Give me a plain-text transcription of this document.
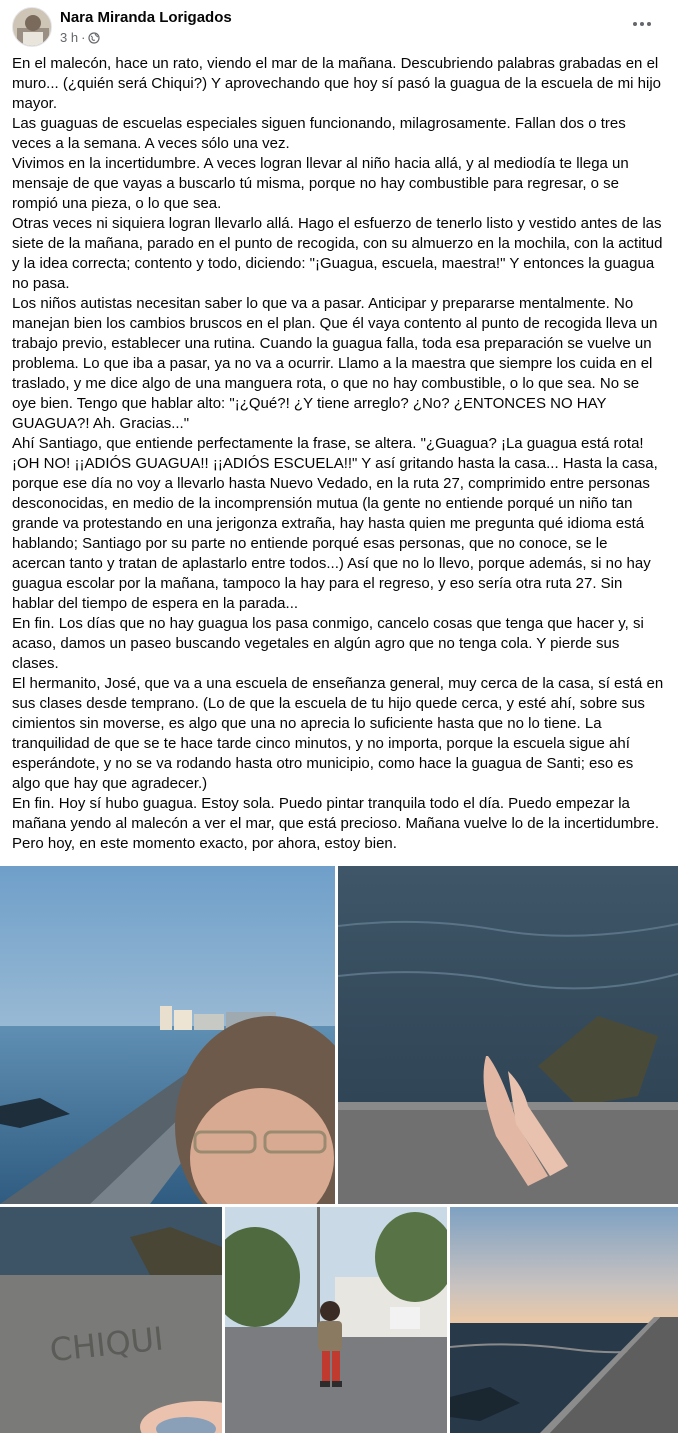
Nara Miranda Lorigados
3 h ·

En el malecón, hace un rato, viendo el mar de la mañana. Descubriendo palabras grabadas en el muro... (¿quién será Chiqui?) Y aprovechando que hoy sí pasó la guagua de la escuela de mi hijo mayor.

Las guaguas de escuelas especiales siguen funcionando, milagrosamente. Fallan dos o tres veces a la semana. A veces sólo una vez.

Vivimos en la incertidumbre. A veces logran llevar al niño hacia allá, y al mediodía te llega un mensaje de que vayas a buscarlo tú misma, porque no hay combustible para regresar, o se rompió una pieza, o lo que sea.

Otras veces ni siquiera logran llevarlo allá. Hago el esfuerzo de tenerlo listo y vestido antes de las siete de la mañana, parado en el punto de recogida, con su almuerzo en la mochila, con la actitud y la idea correcta; contento y todo, diciendo: "¡Guagua, escuela, maestra!" Y entonces la guagua no pasa.

Los niños autistas necesitan saber lo que va a pasar. Anticipar y prepararse mentalmente. No manejan bien los cambios bruscos en el plan. Que él vaya contento al punto de recogida lleva un trabajo previo, establecer una rutina. Cuando la guagua falla, toda esa preparación se vuelve un problema. Lo que iba a pasar, ya no va a ocurrir. Llamo a la maestra que siempre los cuida en el traslado, y me dice algo de una manguera rota, o que no hay combustible, o lo que sea. No se oye bien. Tengo que hablar alto: "¡¿Qué?! ¿Y tiene arreglo? ¿No? ¿ENTONCES NO HAY GUAGUA?! Ah. Gracias..."

Ahí Santiago, que entiende perfectamente la frase, se altera. "¿Guagua? ¡La guagua está rota! ¡OH NO! ¡¡ADIÓS GUAGUA!! ¡¡ADIÓS ESCUELA!!" Y así gritando hasta la casa... Hasta la casa, porque ese día no voy a llevarlo hasta Nuevo Vedado, en la ruta 27, comprimido entre personas desconocidas, en medio de la incomprensión mutua (la gente no entiende porqué un niño tan grande va protestando en una jerigonza extraña, hay hasta quien me pregunta qué idioma está hablando; Santiago por su parte no entiende porqué esas personas, que no conoce, se le acercan tanto y tratan de aplastarlo entre todos...) Así que no lo llevo, porque además, si no hay guagua escolar por la mañana, tampoco la hay para el regreso, y eso sería otra ruta 27. Sin hablar del tiempo de espera en la parada...

En fin. Los días que no hay guagua los pasa conmigo, cancelo cosas que tenga que hacer y, si acaso, damos un paseo buscando vegetales en algún agro que no tenga cola. Y pierde sus clases.

El hermanito, José, que va a una escuela de enseñanza general, muy cerca de la casa, sí está en sus clases desde temprano. (Lo de que la escuela de tu hijo quede cerca, y esté ahí, sobre sus cimientos sin moverse, es algo que una no aprecia lo suficiente hasta que no lo tiene. La tranquilidad de que se te hace tarde cinco minutos, y no importa, porque la escuela sigue ahí esperándote, y no se va rodando hasta otro municipio, como hace la guagua de Santi; eso es algo que hay que agradecer.)

En fin. Hoy sí hubo guagua. Estoy sola. Puedo pintar tranquila todo el día. Puedo empezar la mañana yendo al malecón a ver el mar, que está precioso. Mañana vuelve lo de la incertidumbre. Pero hoy, en este momento exacto, por ahora, estoy bien.

CHIQUI
